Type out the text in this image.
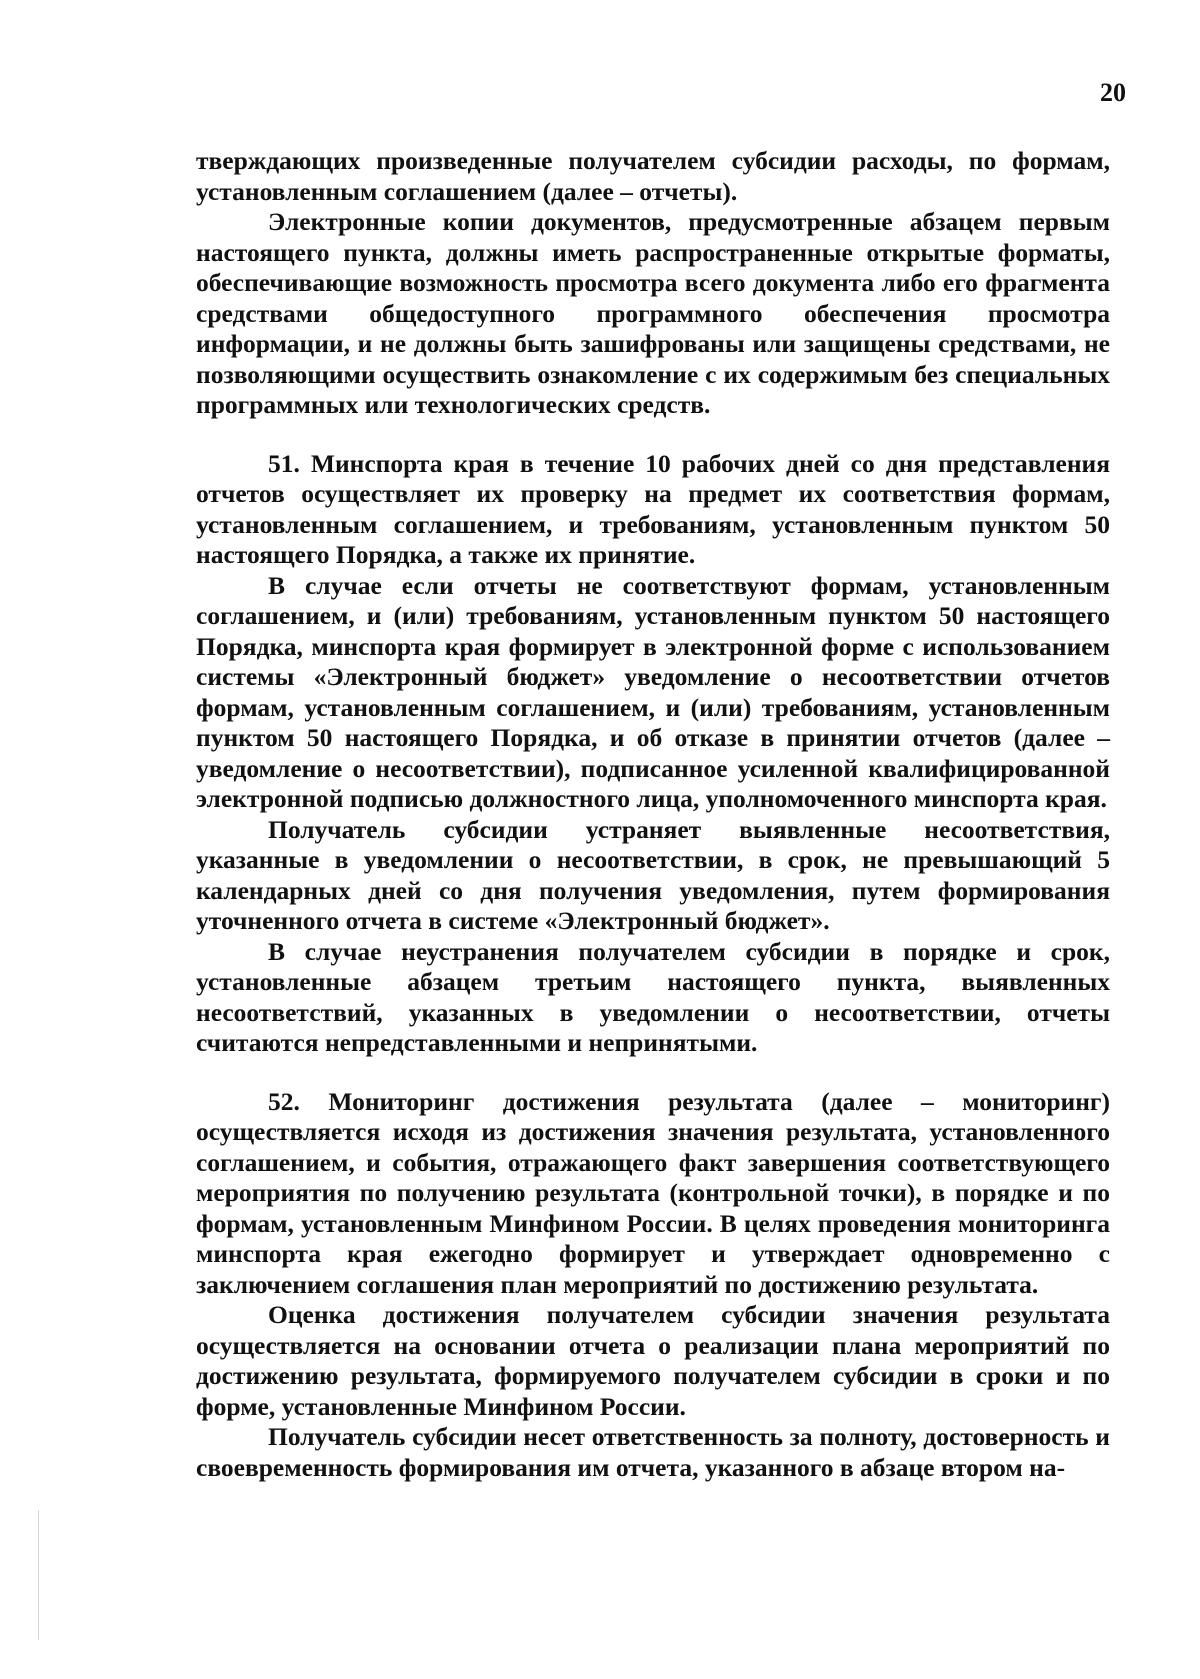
20

тверждающих произведенные получателем субсидии расходы, по формам, установленным соглашением (далее – отчеты).

Электронные копии документов, предусмотренные абзацем первым настоящего пункта, должны иметь распространенные открытые форматы, обеспечивающие возможность просмотра всего документа либо его фрагмента средствами общедоступного программного обеспечения просмотра информации, и не должны быть зашифрованы или защищены средствами, не позволяющими осуществить ознакомление с их содержимым без специальных программных или технологических средств.

51. Минспорта края в течение 10 рабочих дней со дня представления отчетов осуществляет их проверку на предмет их соответствия формам, установленным соглашением, и требованиям, установленным пунктом 50 настоящего Порядка, а также их принятие.

В случае если отчеты не соответствуют формам, установленным соглашением, и (или) требованиям, установленным пунктом 50 настоящего Порядка, минспорта края формирует в электронной форме с использованием системы «Электронный бюджет» уведомление о несоответствии отчетов формам, установленным соглашением, и (или) требованиям, установленным пунктом 50 настоящего Порядка, и об отказе в принятии отчетов (далее – уведомление о несоответствии), подписанное усиленной квалифицированной электронной подписью должностного лица, уполномоченного минспорта края.

Получатель субсидии устраняет выявленные несоответствия, указанные в уведомлении о несоответствии, в срок, не превышающий 5 календарных дней со дня получения уведомления, путем формирования уточненного отчета в системе «Электронный бюджет».

В случае неустранения получателем субсидии в порядке и срок, установленные абзацем третьим настоящего пункта, выявленных несоответствий, указанных в уведомлении о несоответствии, отчеты считаются непредставленными и непринятыми.

52. Мониторинг достижения результата (далее – мониторинг) осуществляется исходя из достижения значения результата, установленного соглашением, и события, отражающего факт завершения соответствующего мероприятия по получению результата (контрольной точки), в порядке и по формам, установленным Минфином России. В целях проведения мониторинга минспорта края ежегодно формирует и утверждает одновременно с заключением соглашения план мероприятий по достижению результата.

Оценка достижения получателем субсидии значения результата осуществляется на основании отчета о реализации плана мероприятий по достижению результата, формируемого получателем субсидии в сроки и по форме, установленные Минфином России.

Получатель субсидии несет ответственность за полноту, достоверность и своевременность формирования им отчета, указанного в абзаце втором на-
